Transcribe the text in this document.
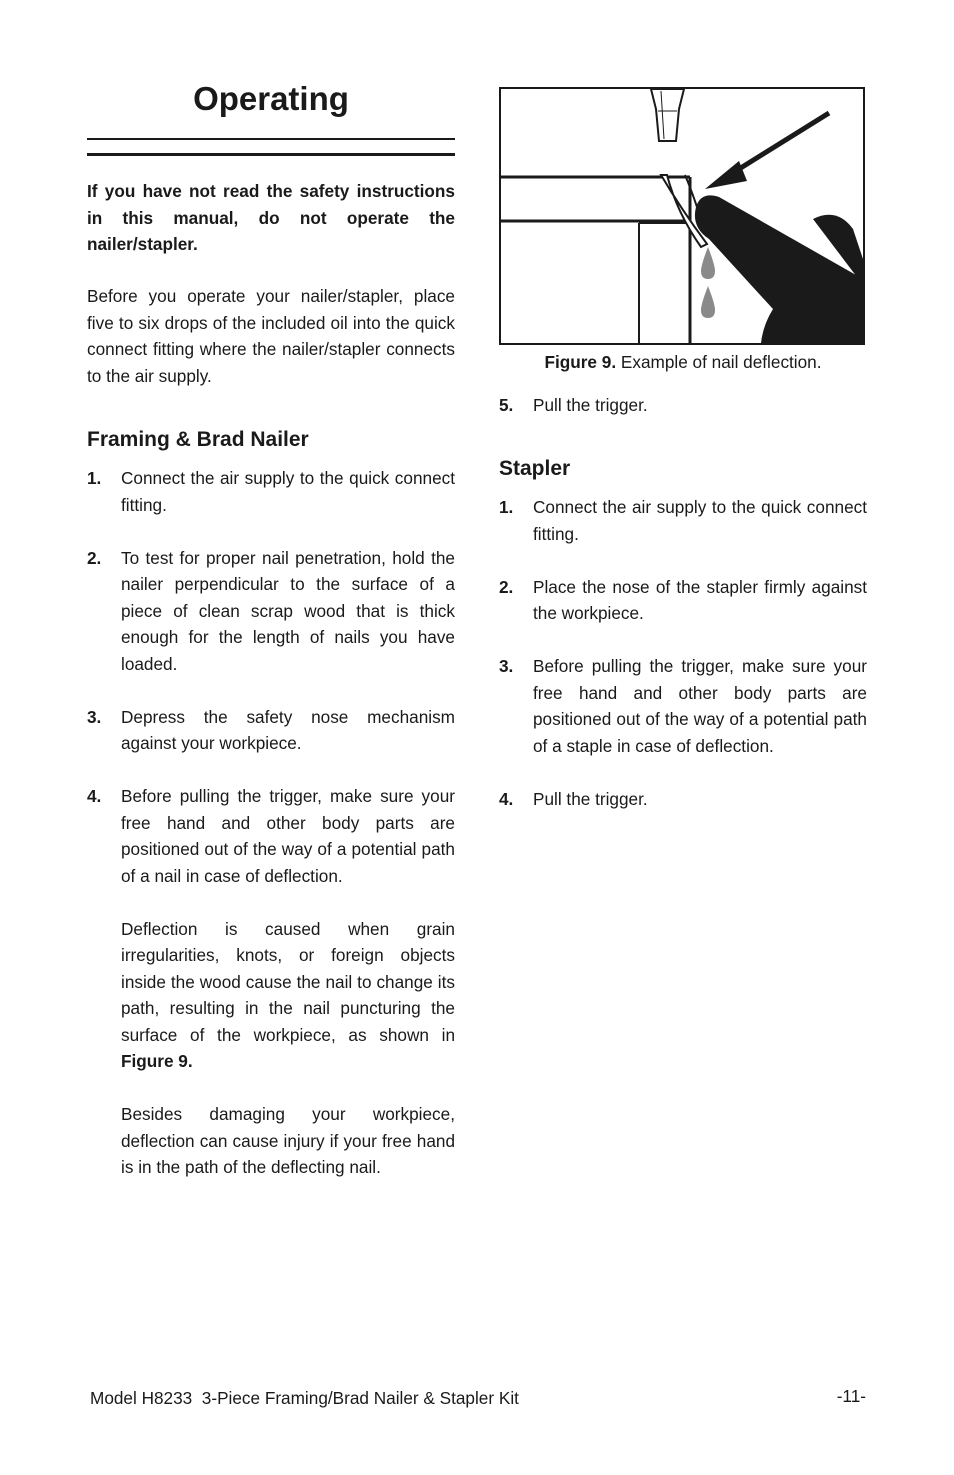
Operating
If you have not read the safety instructions in this manual, do not operate the nailer/stapler.
Before you operate your nailer/stapler, place five to six drops of the included oil into the quick connect fitting where the nailer/stapler connects to the air supply.
Framing & Brad Nailer
1. Connect the air supply to the quick connect fitting.
2. To test for proper nail penetration, hold the nailer perpendicular to the surface of a piece of clean scrap wood that is thick enough for the length of nails you have loaded.
3. Depress the safety nose mechanism against your workpiece.
4. Before pulling the trigger, make sure your free hand and other body parts are positioned out of the way of a potential path of a nail in case of deflection.
Deflection is caused when grain irregularities, knots, or foreign objects inside the wood cause the nail to change its path, resulting in the nail puncturing the surface of the workpiece, as shown in Figure 9.
Besides damaging your workpiece, deflection can cause injury if your free hand is in the path of the deflecting nail.
Figure 9. Example of nail deflection.
5. Pull the trigger.
Stapler
1. Connect the air supply to the quick connect fitting.
2. Place the nose of the stapler firmly against the workpiece.
3. Before pulling the trigger, make sure your free hand and other body parts are positioned out of the way of a potential path of a staple in case of deflection.
4. Pull the trigger.
Model H8233  3-Piece Framing/Brad Nailer & Stapler Kit	-11-
